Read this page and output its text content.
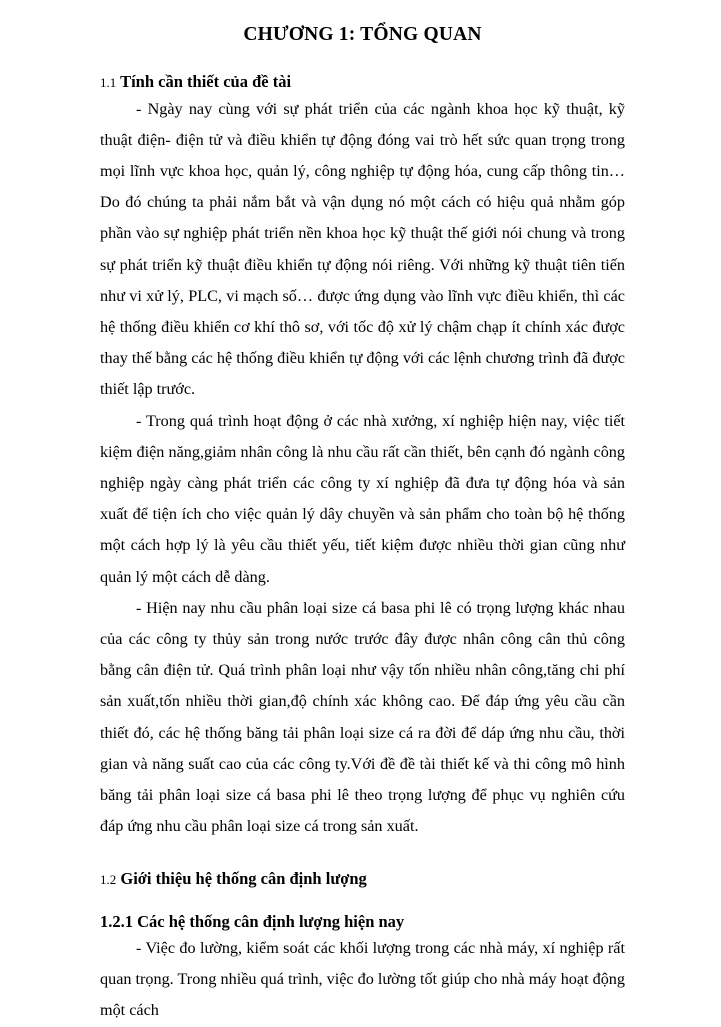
CHƯƠNG 1: TỔNG QUAN
1.1 Tính cần thiết của đề tài

- Ngày nay cùng với sự phát triển của các ngành khoa học kỹ thuật, kỹ thuật điện- điện tử và điều khiển tự động đóng vai trò hết sức quan trọng trong mọi lĩnh vực khoa học, quản lý, công nghiệp tự động hóa, cung cấp thông tin… Do đó chúng ta phải nắm bắt và vận dụng nó một cách có hiệu quả nhằm góp phần vào sự nghiệp phát triển nền khoa học kỹ thuật thế giới nói chung và trong sự phát triển kỹ thuật điều khiển tự động nói riêng. Với những kỹ thuật tiên tiến như vi xử lý, PLC, vi mạch số… được ứng dụng vào lĩnh vực điều khiển, thì các hệ thống điều khiển cơ khí thô sơ, với tốc độ xử lý chậm chạp ít chính xác được thay thế bằng các hệ thống điều khiển tự động với các lệnh chương trình đã được thiết lập trước.

- Trong quá trình hoạt động ở các nhà xưởng, xí nghiệp hiện nay, việc tiết kiệm điện năng,giảm nhân công là nhu cầu rất cần thiết, bên cạnh đó ngành công nghiệp ngày càng phát triển các công ty xí nghiệp đã đưa tự động hóa và sản xuất để tiện ích cho việc quản lý dây chuyền và sản phẩm cho toàn bộ hệ thống một cách hợp lý là yêu cầu thiết yếu, tiết kiệm được nhiều thời gian cũng như quản lý một cách dễ dàng.

- Hiện nay nhu cầu phân loại size cá basa phi lê có trọng lượng khác nhau của các công ty thủy sản trong nước trước đây được nhân công cân thủ công bằng cân điện tử. Quá trình phân loại như vậy tốn nhiều nhân công,tăng chi phí sản xuất,tốn nhiều thời gian,độ chính xác không cao. Để đáp ứng yêu cầu cần thiết đó, các hệ thống băng tải phân loại size cá ra đời để dáp ứng nhu cầu, thời gian và năng suất cao của các công ty.Với đề đề tài thiết kế và thi công mô hình băng tải phân loại size cá basa phi lê theo trọng lượng để phục vụ nghiên cứu đáp ứng nhu cầu phân loại size cá trong sản xuất.

1.2 Giới thiệu hệ thống cân định lượng
1.2.1 Các hệ thống cân định lượng hiện nay

- Việc đo lường, kiểm soát các khối lượng trong các nhà máy, xí nghiệp rất quan trọng. Trong nhiều quá trình, việc đo lường tốt giúp cho nhà máy hoạt động một cách
